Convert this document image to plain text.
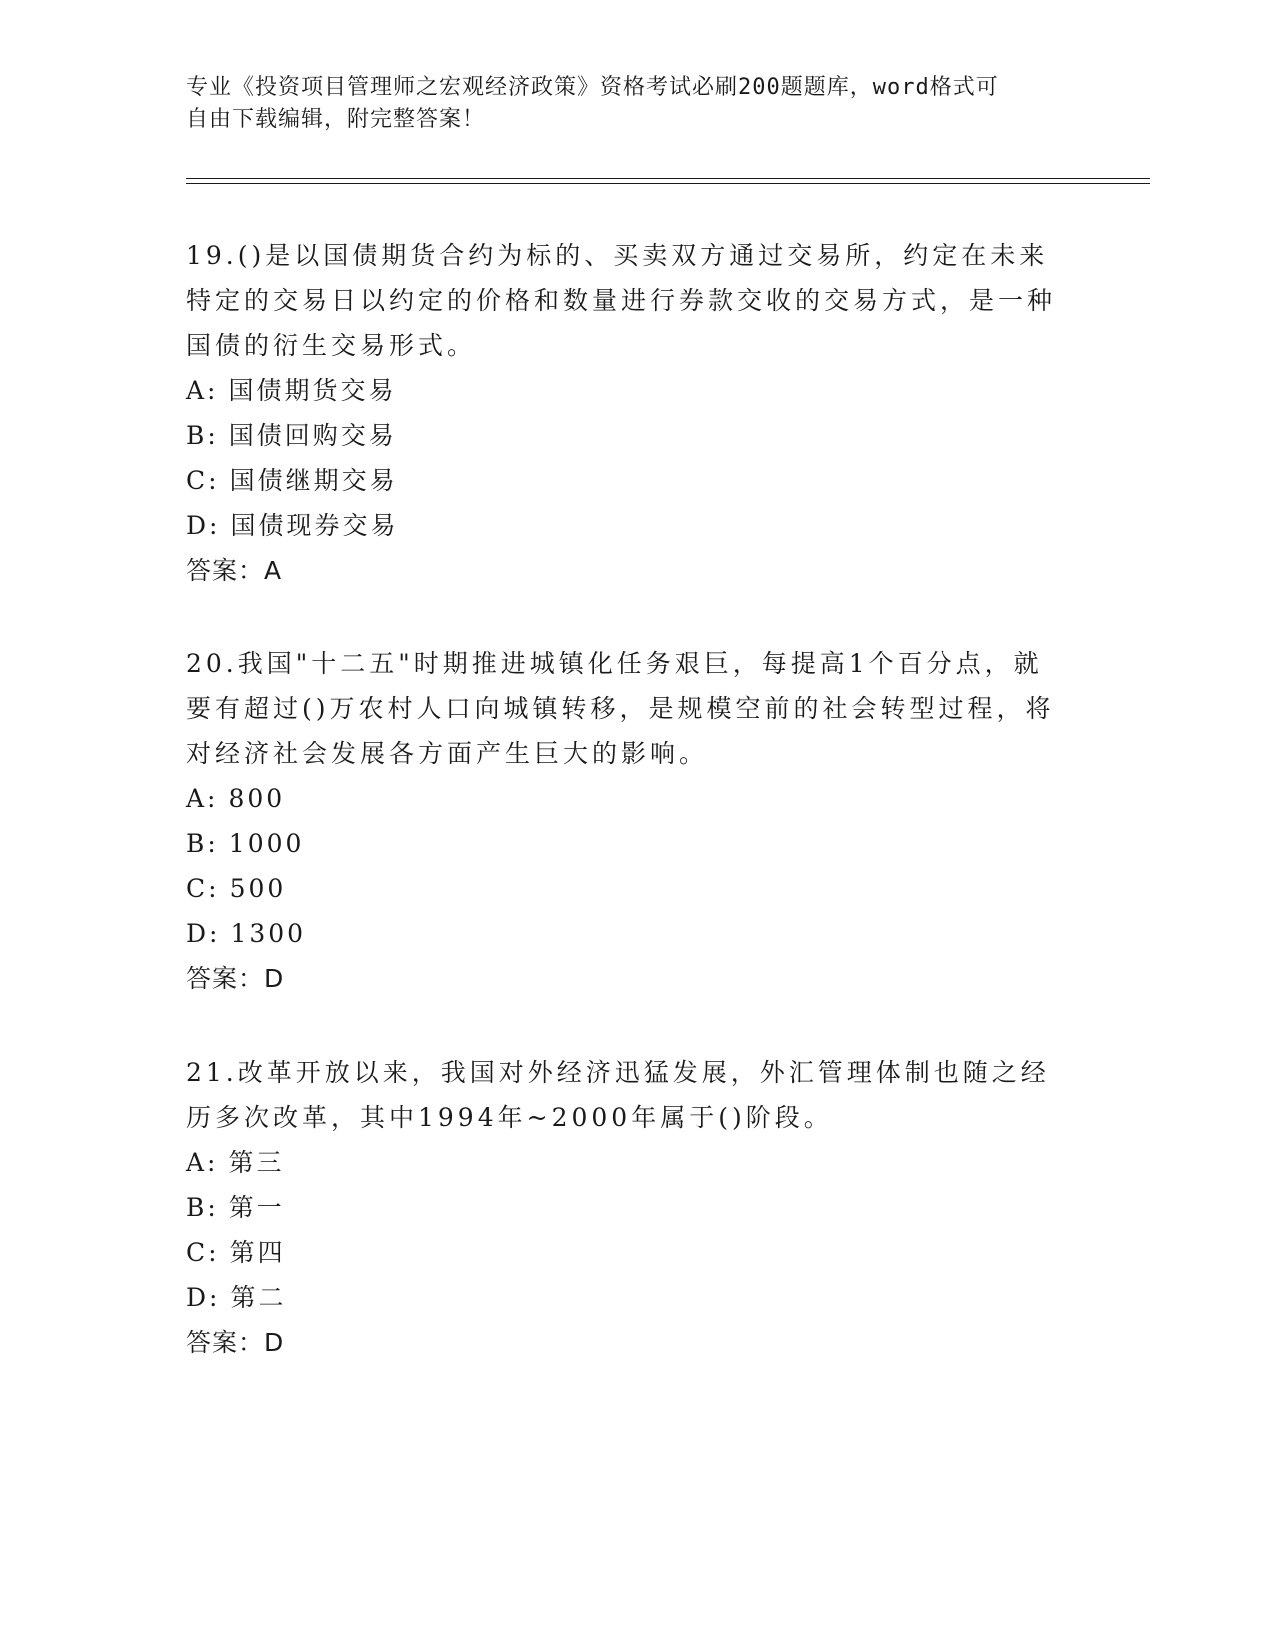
专业《投资项目管理师之宏观经济政策》资格考试必刷200题题库，word格式可
自由下载编辑，附完整答案！

19.()是以国债期货合约为标的、买卖双方通过交易所，约定在未来特定的交易日以约定的价格和数量进行券款交收的交易方式，是一种国债的衍生交易形式。

A: 国债期货交易

B: 国债回购交易

C: 国债继期交易

D: 国债现券交易

答案：A

20.我国"十二五"时期推进城镇化任务艰巨，每提高1个百分点，就要有超过()万农村人口向城镇转移，是规模空前的社会转型过程，将对经济社会发展各方面产生巨大的影响。

A: 800

B: 1000

C: 500

D: 1300

答案：D

21.改革开放以来，我国对外经济迅猛发展，外汇管理体制也随之经历多次改革，其中1994年~2000年属于()阶段。

A: 第三

B: 第一

C: 第四

D: 第二

答案：D
